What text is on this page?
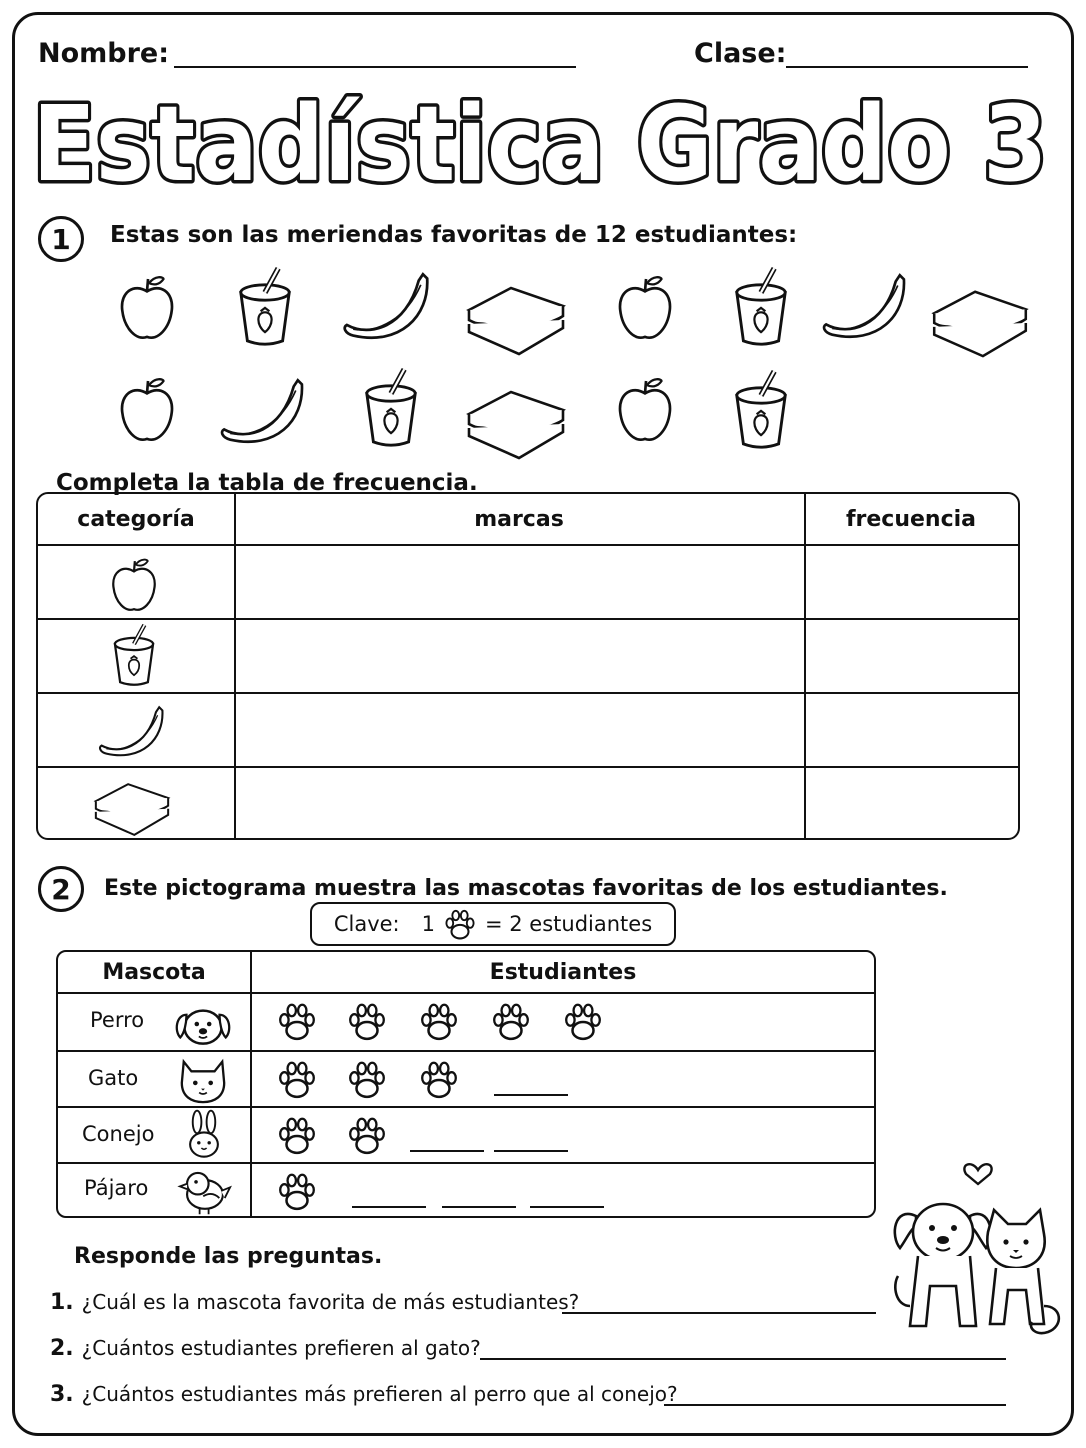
Nombre:	Clase:
Estadística Grado 3
1	Estas son las meriendas favoritas de 12 estudiantes:
Completa la tabla de frecuencia.
categoría	marcas	frecuencia
2	Este pictograma muestra las mascotas favoritas de los estudiantes.
Clave: 1 = 2 estudiantes
Mascota	Estudiantes
Perro
Gato
Conejo
Pájaro
Responde las preguntas.
1. ¿Cuál es la mascota favorita de más estudiantes?
2. ¿Cuántos estudiantes prefieren al gato?
3. ¿Cuántos estudiantes más prefieren al perro que al conejo?
